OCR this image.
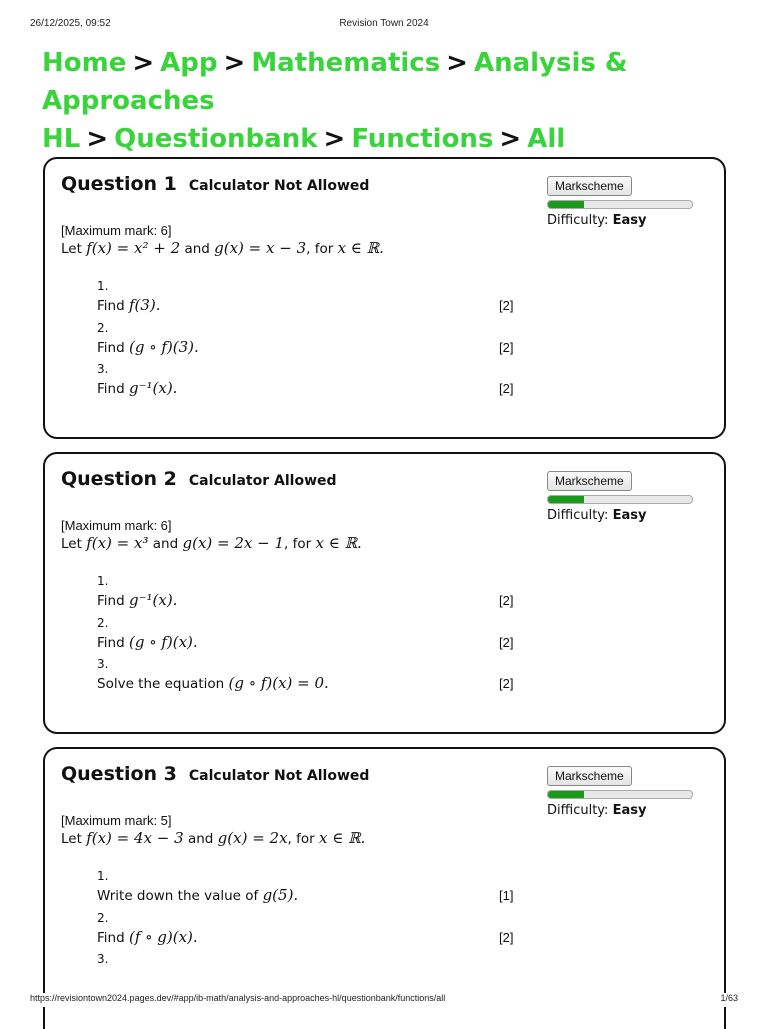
26/12/2025, 09:52	Revision Town 2024
Home > App > Mathematics > Analysis & Approaches HL > Questionbank > Functions > All

Question 1 Calculator Not Allowed	Markscheme
Difficulty: Easy
[Maximum mark: 6]
Let f(x) = x² + 2 and g(x) = x − 3, for x ∈ ℝ.
1.
Find f(3).	[2]
2.
Find (g ∘ f)(3).	[2]
3.
Find g⁻¹(x).	[2]
Question 2 Calculator Allowed	Markscheme
Difficulty: Easy
[Maximum mark: 6]
Let f(x) = x³ and g(x) = 2x − 1, for x ∈ ℝ.
1.
Find g⁻¹(x).	[2]
2.
Find (g ∘ f)(x).	[2]
3.
Solve the equation (g ∘ f)(x) = 0.	[2]
Question 3 Calculator Not Allowed	Markscheme
Difficulty: Easy
[Maximum mark: 5]
Let f(x) = 4x − 3 and g(x) = 2x, for x ∈ ℝ.
1.
Write down the value of g(5).	[1]
2.
Find (f ∘ g)(x).	[2]
3.
https://revisiontown2024.pages.dev/#app/ib-math/analysis-and-approaches-hl/questionbank/functions/all	1/63
